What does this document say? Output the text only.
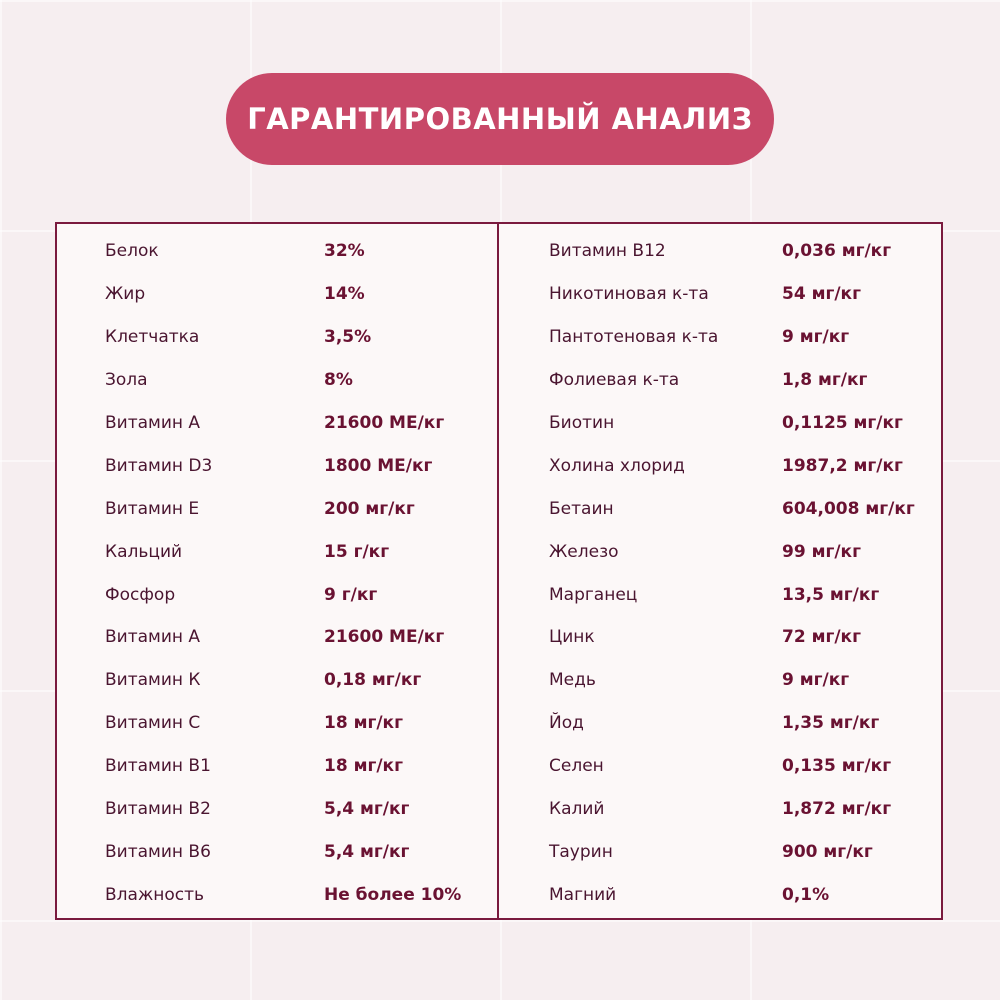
ГАРАНТИРОВАННЫЙ АНАЛИЗ
Белок	32%
Жир	14%
Клетчатка	3,5%
Зола	8%
Витамин А	21600 МЕ/кг
Витамин D3	1800 МЕ/кг
Витамин Е	200 мг/кг
Кальций	15 г/кг
Фосфор	9 г/кг
Витамин А	21600 МЕ/кг
Витамин К	0,18 мг/кг
Витамин С	18 мг/кг
Витамин В1	18 мг/кг
Витамин В2	5,4 мг/кг
Витамин В6	5,4 мг/кг
Влажность	Не более 10%
Витамин В12	0,036 мг/кг
Никотиновая к-та	54 мг/кг
Пантотеновая к-та	9 мг/кг
Фолиевая к-та	1,8 мг/кг
Биотин	0,1125 мг/кг
Холина хлорид	1987,2 мг/кг
Бетаин	604,008 мг/кг
Железо	99 мг/кг
Марганец	13,5 мг/кг
Цинк	72 мг/кг
Медь	9 мг/кг
Йод	1,35 мг/кг
Селен	0,135 мг/кг
Калий	1,872 мг/кг
Таурин	900 мг/кг
Магний	0,1%
